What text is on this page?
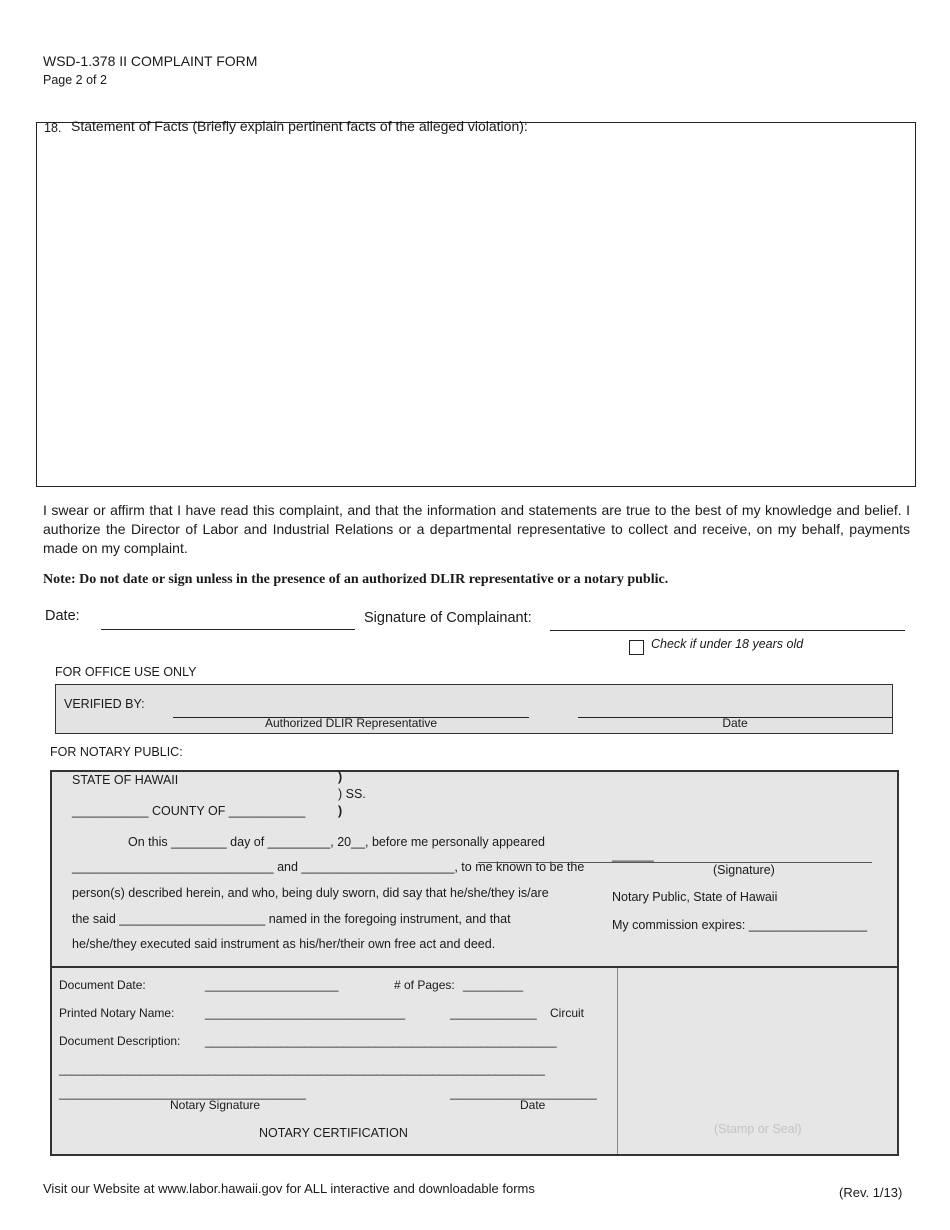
WSD-1.378 II COMPLAINT FORM
Page 2 of 2
18. Statement of Facts (Briefly explain pertinent facts of the alleged violation):
I swear or affirm that I have read this complaint, and that the information and statements are true to the best of my knowledge and belief. I authorize the Director of Labor and Industrial Relations or a departmental representative to collect and receive, on my behalf, payments made on my complaint.
Note: Do not date or sign unless in the presence of an authorized DLIR representative or a notary public.
Date:	Signature of Complainant:
Check if under 18 years old
FOR OFFICE USE ONLY
VERIFIED BY:
Authorized DLIR Representative	Date
FOR NOTARY PUBLIC:
STATE OF HAWAII	)
) SS.
)
___________ COUNTY OF ___________
On this ________ day of _________, 20__, before me personally appeared
_____________________________ and ______________________, to me known to be the
person(s) described herein, and who, being duly sworn, did say that he/she/they is/are
the said _____________________ named in the foregoing instrument, and that
he/she/they executed said instrument as his/her/their own free act and deed.
______
(Signature)
Notary Public, State of Hawaii
My commission expires: _________________
Document Date:	____________________	# of Pages: _________
Printed Notary Name:	______________________________	_____________ Circuit
Document Description: ________________________________________________________
______________________________________________________________________________
_____________________________________	______________________
Notary Signature	Date
NOTARY CERTIFICATION	(Stamp or Seal)
Visit our Website at www.labor.hawaii.gov for ALL interactive and downloadable forms	(Rev. 1/13)
